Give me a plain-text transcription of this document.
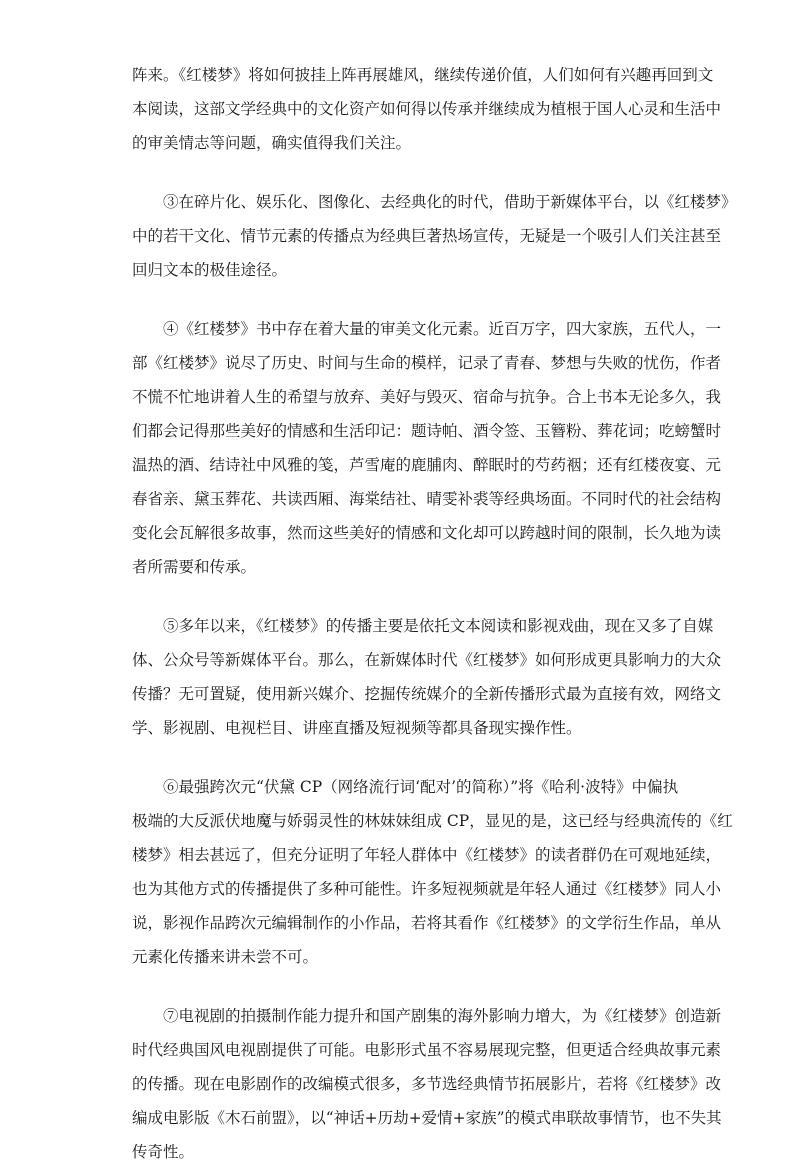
阵来。《红楼梦》将如何披挂上阵再展雄风，继续传递价值，人们如何有兴趣再回到文
本阅读，这部文学经典中的文化资产如何得以传承并继续成为植根于国人心灵和生活中
的审美情志等问题，确实值得我们关注。

　　③在碎片化、娱乐化、图像化、去经典化的时代，借助于新媒体平台，以《红楼梦》
中的若干文化、情节元素的传播点为经典巨著热场宣传，无疑是一个吸引人们关注甚至
回归文本的极佳途径。

　　④《红楼梦》书中存在着大量的审美文化元素。近百万字，四大家族，五代人，一
部《红楼梦》说尽了历史、时间与生命的模样，记录了青春、梦想与失败的忧伤，作者
不慌不忙地讲着人生的希望与放弃、美好与毁灭、宿命与抗争。合上书本无论多久，我
们都会记得那些美好的情感和生活印记：题诗帕、酒令签、玉簪粉、葬花词；吃螃蟹时
温热的酒、结诗社中风雅的笺，芦雪庵的鹿脯肉、醉眠时的芍药裀；还有红楼夜宴、元
春省亲、黛玉葬花、共读西厢、海棠结社、晴雯补裘等经典场面。不同时代的社会结构
变化会瓦解很多故事，然而这些美好的情感和文化却可以跨越时间的限制，长久地为读
者所需要和传承。

　　⑤多年以来，《红楼梦》的传播主要是依托文本阅读和影视戏曲，现在又多了自媒
体、公众号等新媒体平台。那么，在新媒体时代《红楼梦》如何形成更具影响力的大众
传播？无可置疑，使用新兴媒介、挖掘传统媒介的全新传播形式最为直接有效，网络文
学、影视剧、电视栏目、讲座直播及短视频等都具备现实操作性。

　　⑥最强跨次元“伏黛 CP（网络流行词‘配对’的简称）”将《哈利·波特》中偏执
极端的大反派伏地魔与娇弱灵性的林妹妹组成 CP，显见的是，这已经与经典流传的《红
楼梦》相去甚远了，但充分证明了年轻人群体中《红楼梦》的读者群仍在可观地延续，
也为其他方式的传播提供了多种可能性。许多短视频就是年轻人通过《红楼梦》同人小
说，影视作品跨次元编辑制作的小作品，若将其看作《红楼梦》的文学衍生作品，单从
元素化传播来讲未尝不可。

　　⑦电视剧的拍摄制作能力提升和国产剧集的海外影响力增大，为《红楼梦》创造新
时代经典国风电视剧提供了可能。电影形式虽不容易展现完整，但更适合经典故事元素
的传播。现在电影剧作的改编模式很多，多节选经典情节拓展影片，若将《红楼梦》改
编成电影版《木石前盟》，以“神话+历劫+爱情+家族”的模式串联故事情节，也不失其
传奇性。
